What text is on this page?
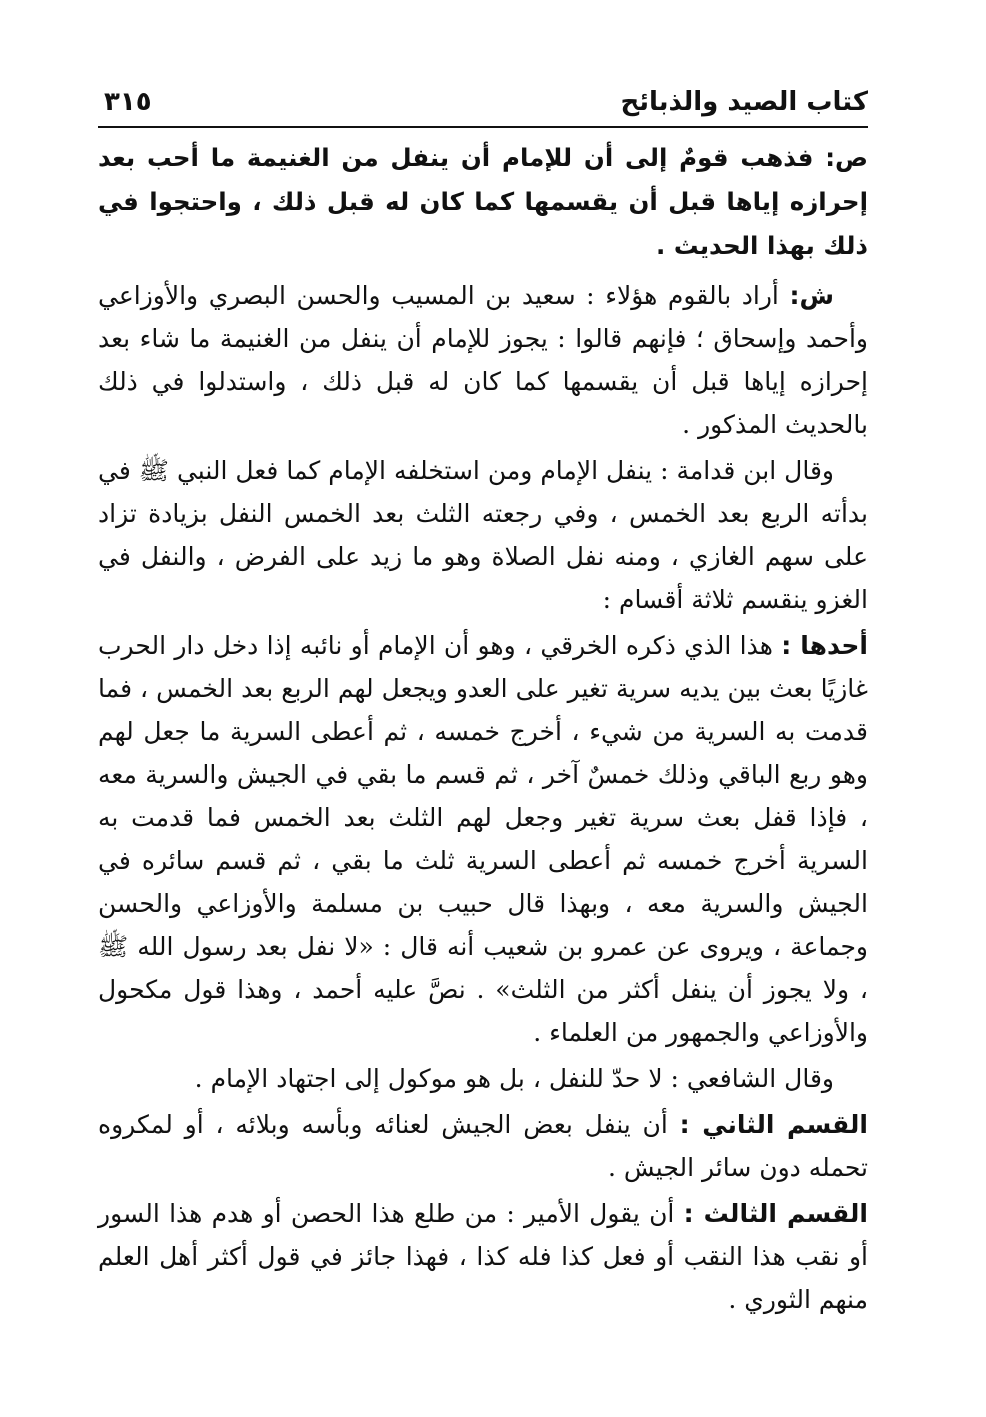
كتاب الصيد والذبائح
٣١٥

ص: فذهب قومٌ إلى أن للإمام أن ينفل من الغنيمة ما أحب بعد إحرازه إياها قبل أن يقسمها كما كان له قبل ذلك ، واحتجوا في ذلك بهذا الحديث .

ش: أراد بالقوم هؤلاء : سعيد بن المسيب والحسن البصري والأوزاعي وأحمد وإسحاق ؛ فإنهم قالوا : يجوز للإمام أن ينفل من الغنيمة ما شاء بعد إحرازه إياها قبل أن يقسمها كما كان له قبل ذلك ، واستدلوا في ذلك بالحديث المذكور .

وقال ابن قدامة : ينفل الإمام ومن استخلفه الإمام كما فعل النبي ﷺ في بدأته الربع بعد الخمس ، وفي رجعته الثلث بعد الخمس النفل بزيادة تزاد على سهم الغازي ، ومنه نفل الصلاة وهو ما زيد على الفرض ، والنفل في الغزو ينقسم ثلاثة أقسام :

أحدها : هذا الذي ذكره الخرقي ، وهو أن الإمام أو نائبه إذا دخل دار الحرب غازيًا بعث بين يديه سرية تغير على العدو ويجعل لهم الربع بعد الخمس ، فما قدمت به السرية من شيء ، أخرج خمسه ، ثم أعطى السرية ما جعل لهم وهو ربع الباقي وذلك خمسٌ آخر ، ثم قسم ما بقي في الجيش والسرية معه ، فإذا قفل بعث سرية تغير وجعل لهم الثلث بعد الخمس فما قدمت به السرية أخرج خمسه ثم أعطى السرية ثلث ما بقي ، ثم قسم سائره في الجيش والسرية معه ، وبهذا قال حبيب بن مسلمة والأوزاعي والحسن وجماعة ، ويروى عن عمرو بن شعيب أنه قال : «لا نفل بعد رسول الله ﷺ ، ولا يجوز أن ينفل أكثر من الثلث» . نصَّ عليه أحمد ، وهذا قول مكحول والأوزاعي والجمهور من العلماء .

وقال الشافعي : لا حدّ للنفل ، بل هو موكول إلى اجتهاد الإمام .

القسم الثاني : أن ينفل بعض الجيش لعنائه وبأسه وبلائه ، أو لمكروه تحمله دون سائر الجيش .

القسم الثالث : أن يقول الأمير : من طلع هذا الحصن أو هدم هذا السور أو نقب هذا النقب أو فعل كذا فله كذا ، فهذا جائز في قول أكثر أهل العلم منهم الثوري .
